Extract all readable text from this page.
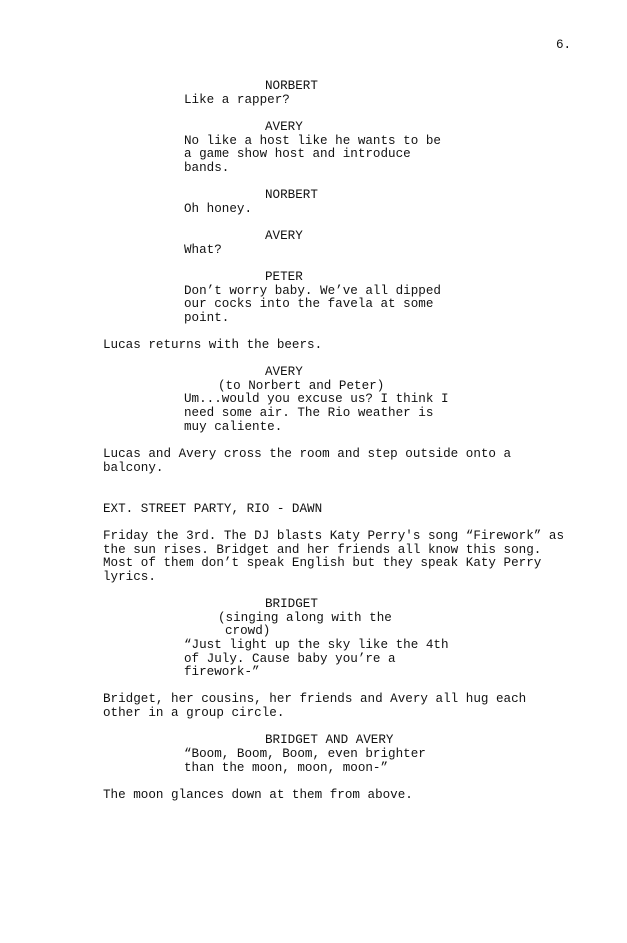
6.
NORBERT
Like a rapper?
AVERY
No like a host like he wants to be
a game show host and introduce
bands.
NORBERT
Oh honey.
AVERY
What?
PETER
Don’t worry baby. We’ve all dipped
our cocks into the favela at some
point.
Lucas returns with the beers.
AVERY
(to Norbert and Peter)
Um...would you excuse us? I think I
need some air. The Rio weather is
muy caliente.
Lucas and Avery cross the room and step outside onto a
balcony.
EXT. STREET PARTY, RIO - DAWN
Friday the 3rd. The DJ blasts Katy Perry's song “Firework” as
the sun rises. Bridget and her friends all know this song.
Most of them don’t speak English but they speak Katy Perry
lyrics.
BRIDGET
(singing along with the
crowd)
“Just light up the sky like the 4th
of July. Cause baby you’re a
firework-”
Bridget, her cousins, her friends and Avery all hug each
other in a group circle.
BRIDGET AND AVERY
“Boom, Boom, Boom, even brighter
than the moon, moon, moon-”
The moon glances down at them from above.
